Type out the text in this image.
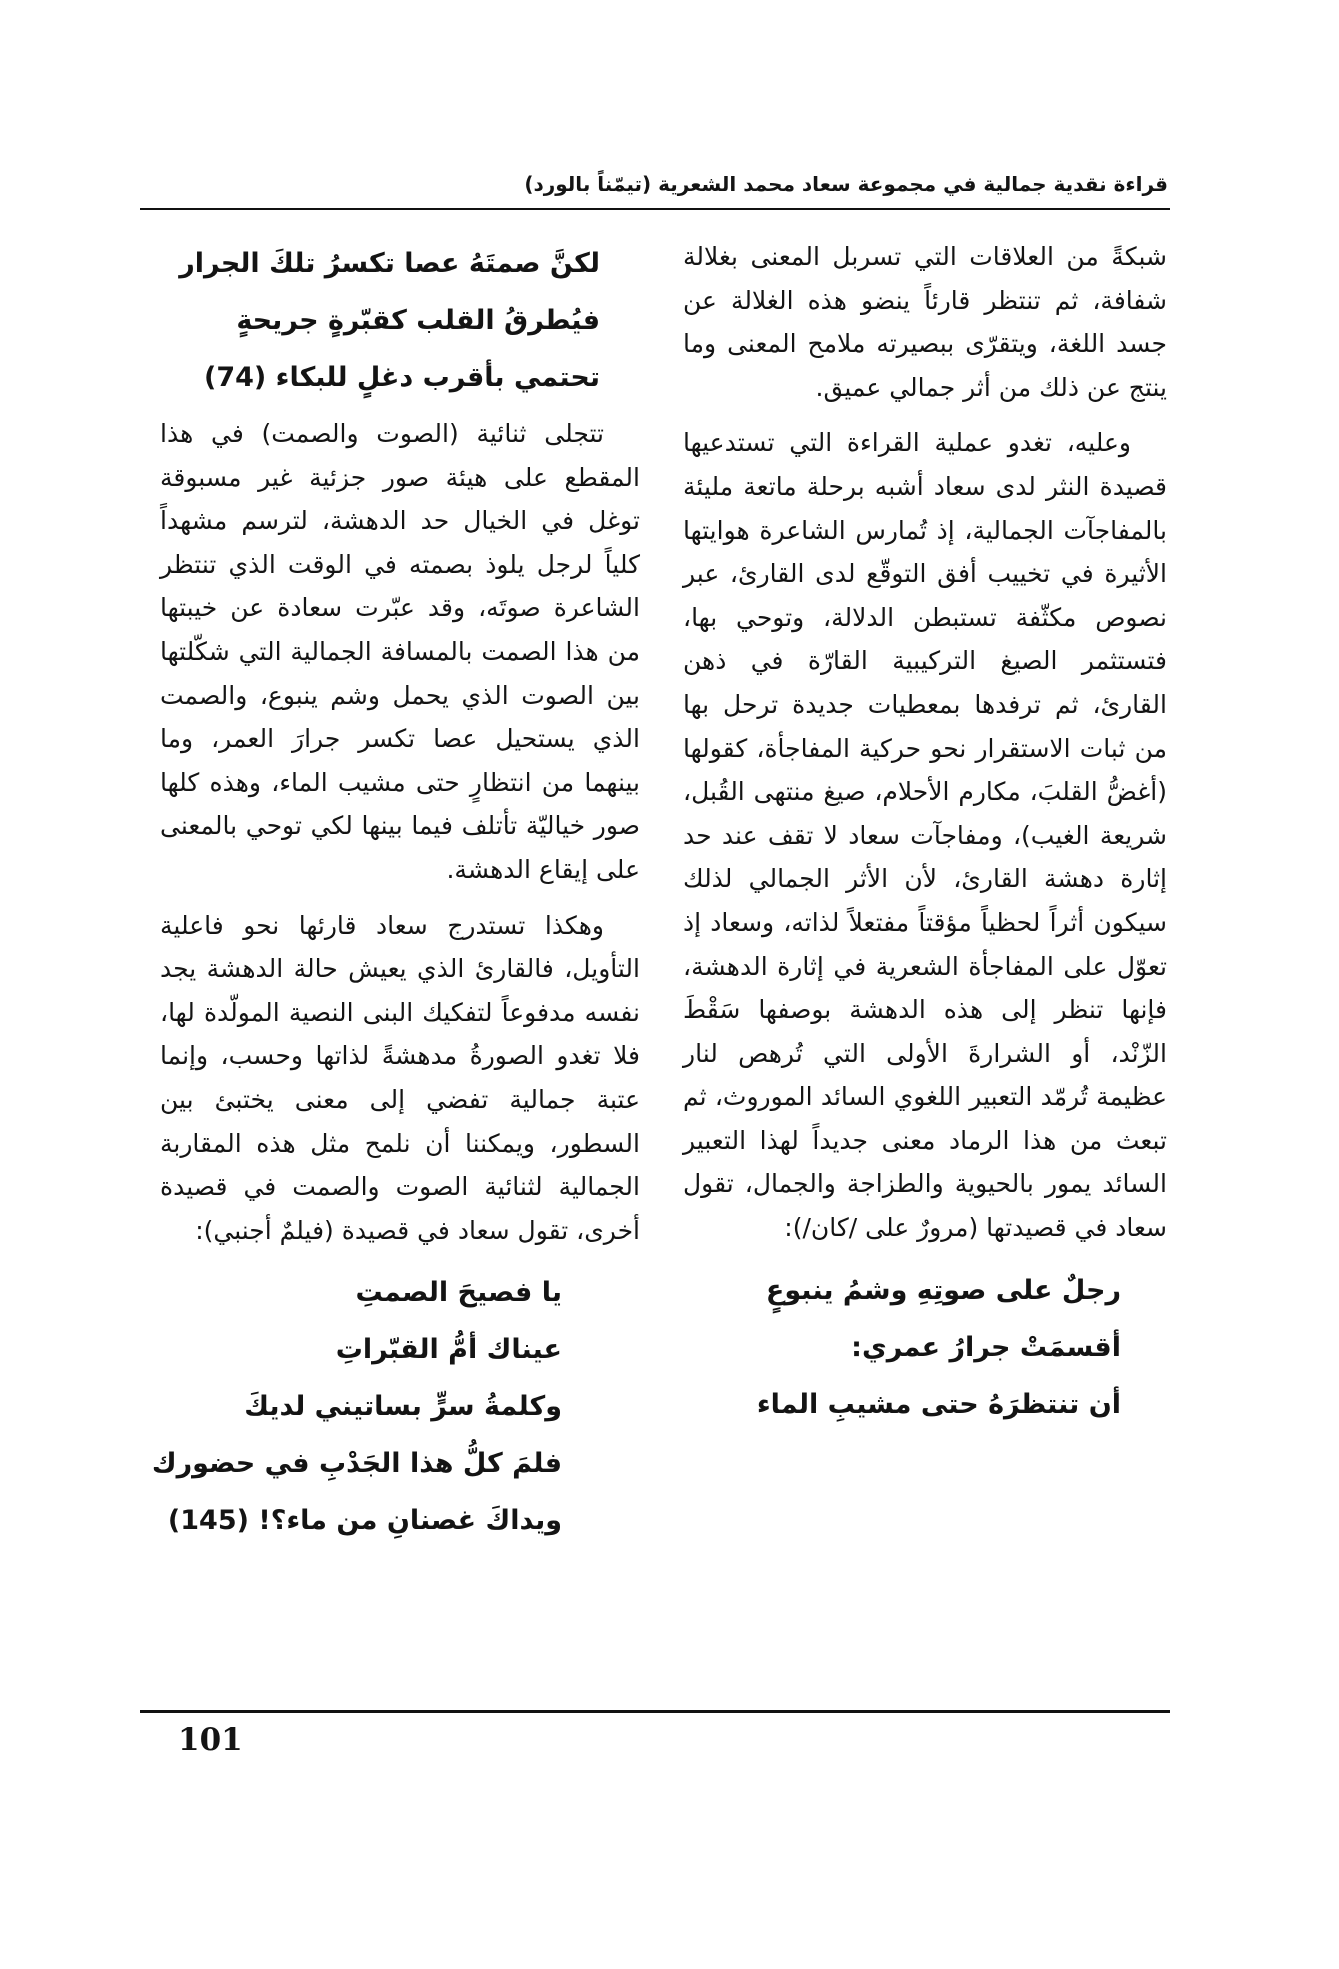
قراءة نقدية جمالية في مجموعة سعاد محمد الشعرية (تيمّناً بالورد)

شبكةً من العلاقات التي تسربل المعنى بغلالة شفافة، ثم تنتظر قارئاً ينضو هذه الغلالة عن جسد اللغة، ويتقرّى ببصيرته ملامح المعنى وما ينتج عن ذلك من أثر جمالي عميق.

وعليه، تغدو عملية القراءة التي تستدعيها قصيدة النثر لدى سعاد أشبه برحلة ماتعة مليئة بالمفاجآت الجمالية، إذ تُمارس الشاعرة هوايتها الأثيرة في تخييب أفق التوقّع لدى القارئ، عبر نصوص مكثّفة تستبطن الدلالة، وتوحي بها، فتستثمر الصيغ التركيبية القارّة في ذهن القارئ، ثم ترفدها بمعطيات جديدة ترحل بها من ثبات الاستقرار نحو حركية المفاجأة، كقولها (أغضُّ القلبَ، مكارم الأحلام، صيغ منتهى القُبل، شريعة الغيب)، ومفاجآت سعاد لا تقف عند حد إثارة دهشة القارئ، لأن الأثر الجمالي لذلك سيكون أثراً لحظياً مؤقتاً مفتعلاً لذاته، وسعاد إذ تعوّل على المفاجأة الشعرية في إثارة الدهشة، فإنها تنظر إلى هذه الدهشة بوصفها سَقْطَ الزّنْد، أو الشرارةَ الأولى التي تُرهص لنار عظيمة تُرمّد التعبير اللغوي السائد الموروث، ثم تبعث من هذا الرماد معنى جديداً لهذا التعبير السائد يمور بالحيوية والطزاجة والجمال، تقول سعاد في قصيدتها (مرورٌ على /كان/):

رجلٌ على صوتِهِ وشمُ ينبوعٍ
أقسمَتْ جرارُ عمري:
أن تنتظرَهُ حتى مشيبِ الماء
لكنَّ صمتَهُ عصا تكسرُ تلكَ الجرار
فيُطرقُ القلب كقبّرةٍ جريحةٍ
تحتمي بأقرب دغلٍ للبكاء (74)

تتجلى ثنائية (الصوت والصمت) في هذا المقطع على هيئة صور جزئية غير مسبوقة توغل في الخيال حد الدهشة، لترسم مشهداً كلياً لرجل يلوذ بصمته في الوقت الذي تنتظر الشاعرة صوتَه، وقد عبّرت سعادة عن خيبتها من هذا الصمت بالمسافة الجمالية التي شكّلتها بين الصوت الذي يحمل وشم ينبوع، والصمت الذي يستحيل عصا تكسر جرارَ العمر، وما بينهما من انتظارٍ حتى مشيب الماء، وهذه كلها صور خياليّة تأتلف فيما بينها لكي توحي بالمعنى على إيقاع الدهشة.

وهكذا تستدرج سعاد قارئها نحو فاعلية التأويل، فالقارئ الذي يعيش حالة الدهشة يجد نفسه مدفوعاً لتفكيك البنى النصية المولّدة لها، فلا تغدو الصورةُ مدهشةً لذاتها وحسب، وإنما عتبة جمالية تفضي إلى معنى يختبئ بين السطور، ويمكننا أن نلمح مثل هذه المقاربة الجمالية لثنائية الصوت والصمت في قصيدة أخرى، تقول سعاد في قصيدة (فيلمٌ أجنبي):

يا فصيحَ الصمتِ
عيناك أمُّ القبّراتِ
وكلمةُ سرٍّ بساتيني لديكَ
فلمَ كلُّ هذا الجَدْبِ في حضورك
ويداكَ غصنانِ من ماء؟! (145)
101
